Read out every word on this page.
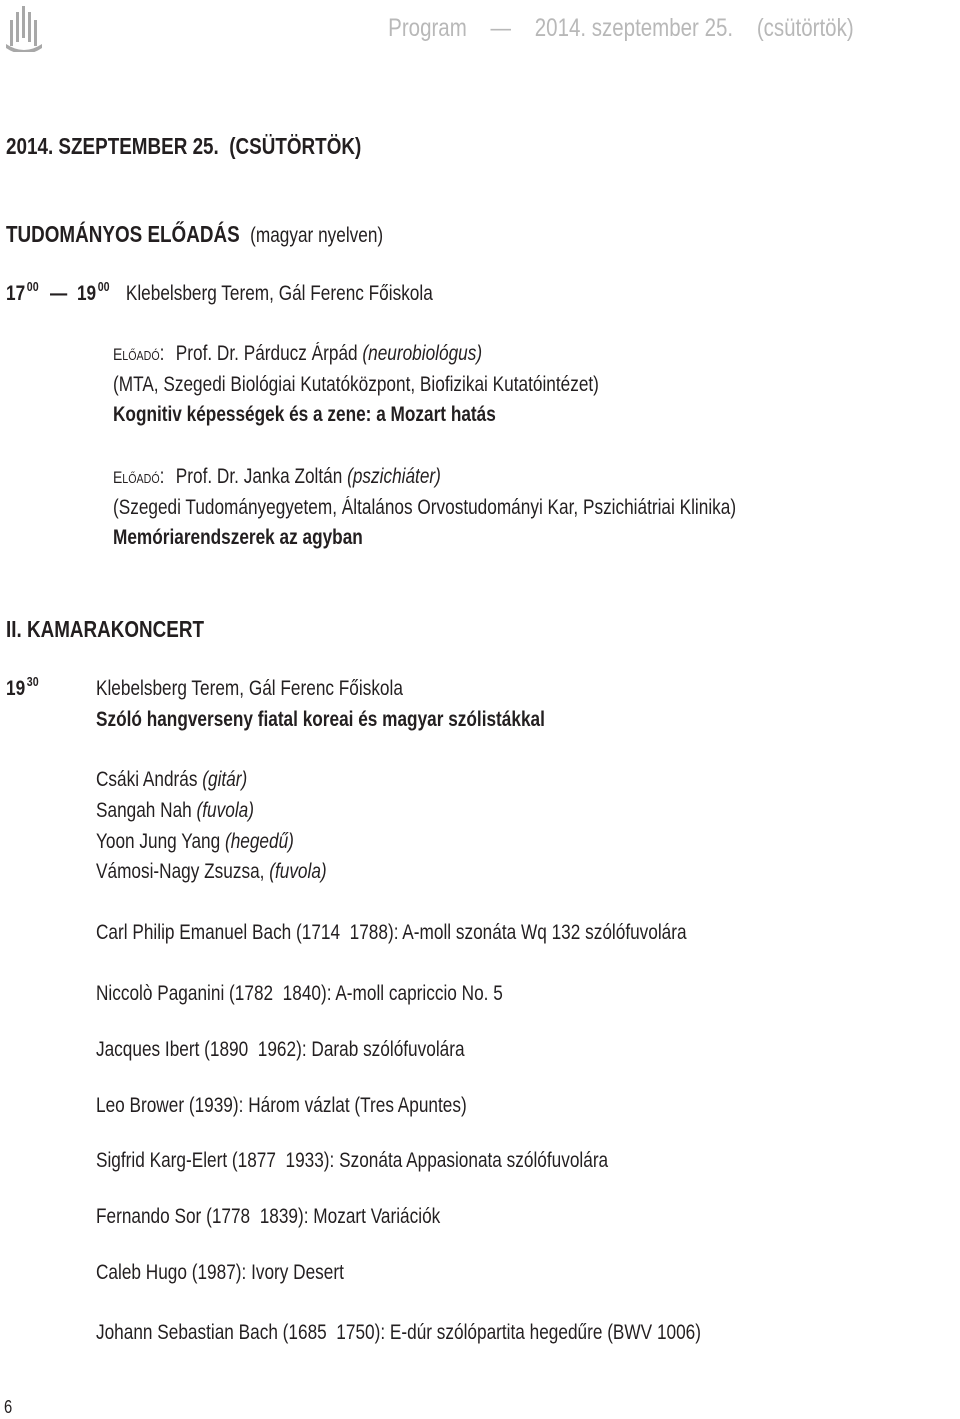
Program — 2014. szeptember 25. (csütörtök)
2014. SZEPTEMBER 25.  (CSÜTÖRTÖK)
TUDOMÁNYOS ELŐADÁS (magyar nyelven)
17 $^{00}$ — 19 $^{00}$ Klebelsberg Terem, Gál Ferenc Főiskola
ELŐADÓ: Prof. Dr. Párducz Árpád (neurobiológus)
(MTA, Szegedi Biológiai Kutatóközpont, Biofizikai Kutatóintézet)
Kognitiv képességek és a zene: a Mozart hatás
ELŐADÓ: Prof. Dr. Janka Zoltán (pszichiáter)
(Szegedi Tudományegyetem, Általános Orvostudományi Kar, Pszichiátriai Klinika)
Memóriarendszerek az agyban
II. KAMARAKONCERT
19 $^{30}$	Klebelsberg Terem, Gál Ferenc Főiskola
Szóló hangverseny fiatal koreai és magyar szólistákkal
Csáki András (gitár)
Sangah Nah (fuvola)
Yoon Jung Yang (hegedű)
Vámosi-Nagy Zsuzsa, (fuvola)
Carl Philip Emanuel Bach (1714  1788): A-moll szonáta Wq 132 szólófuvolára
Niccolò Paganini (1782  1840): A-moll capriccio No. 5
Jacques Ibert (1890  1962): Darab szólófuvolára
Leo Brower (1939): Három vázlat (Tres Apuntes)
Sigfrid Karg-Elert (1877  1933): Szonáta Appasionata szólófuvolára
Fernando Sor (1778  1839): Mozart Variációk
Caleb Hugo (1987): Ivory Desert
Johann Sebastian Bach (1685  1750): E-dúr szólópartita hegedűre (BWV 1006)
6
